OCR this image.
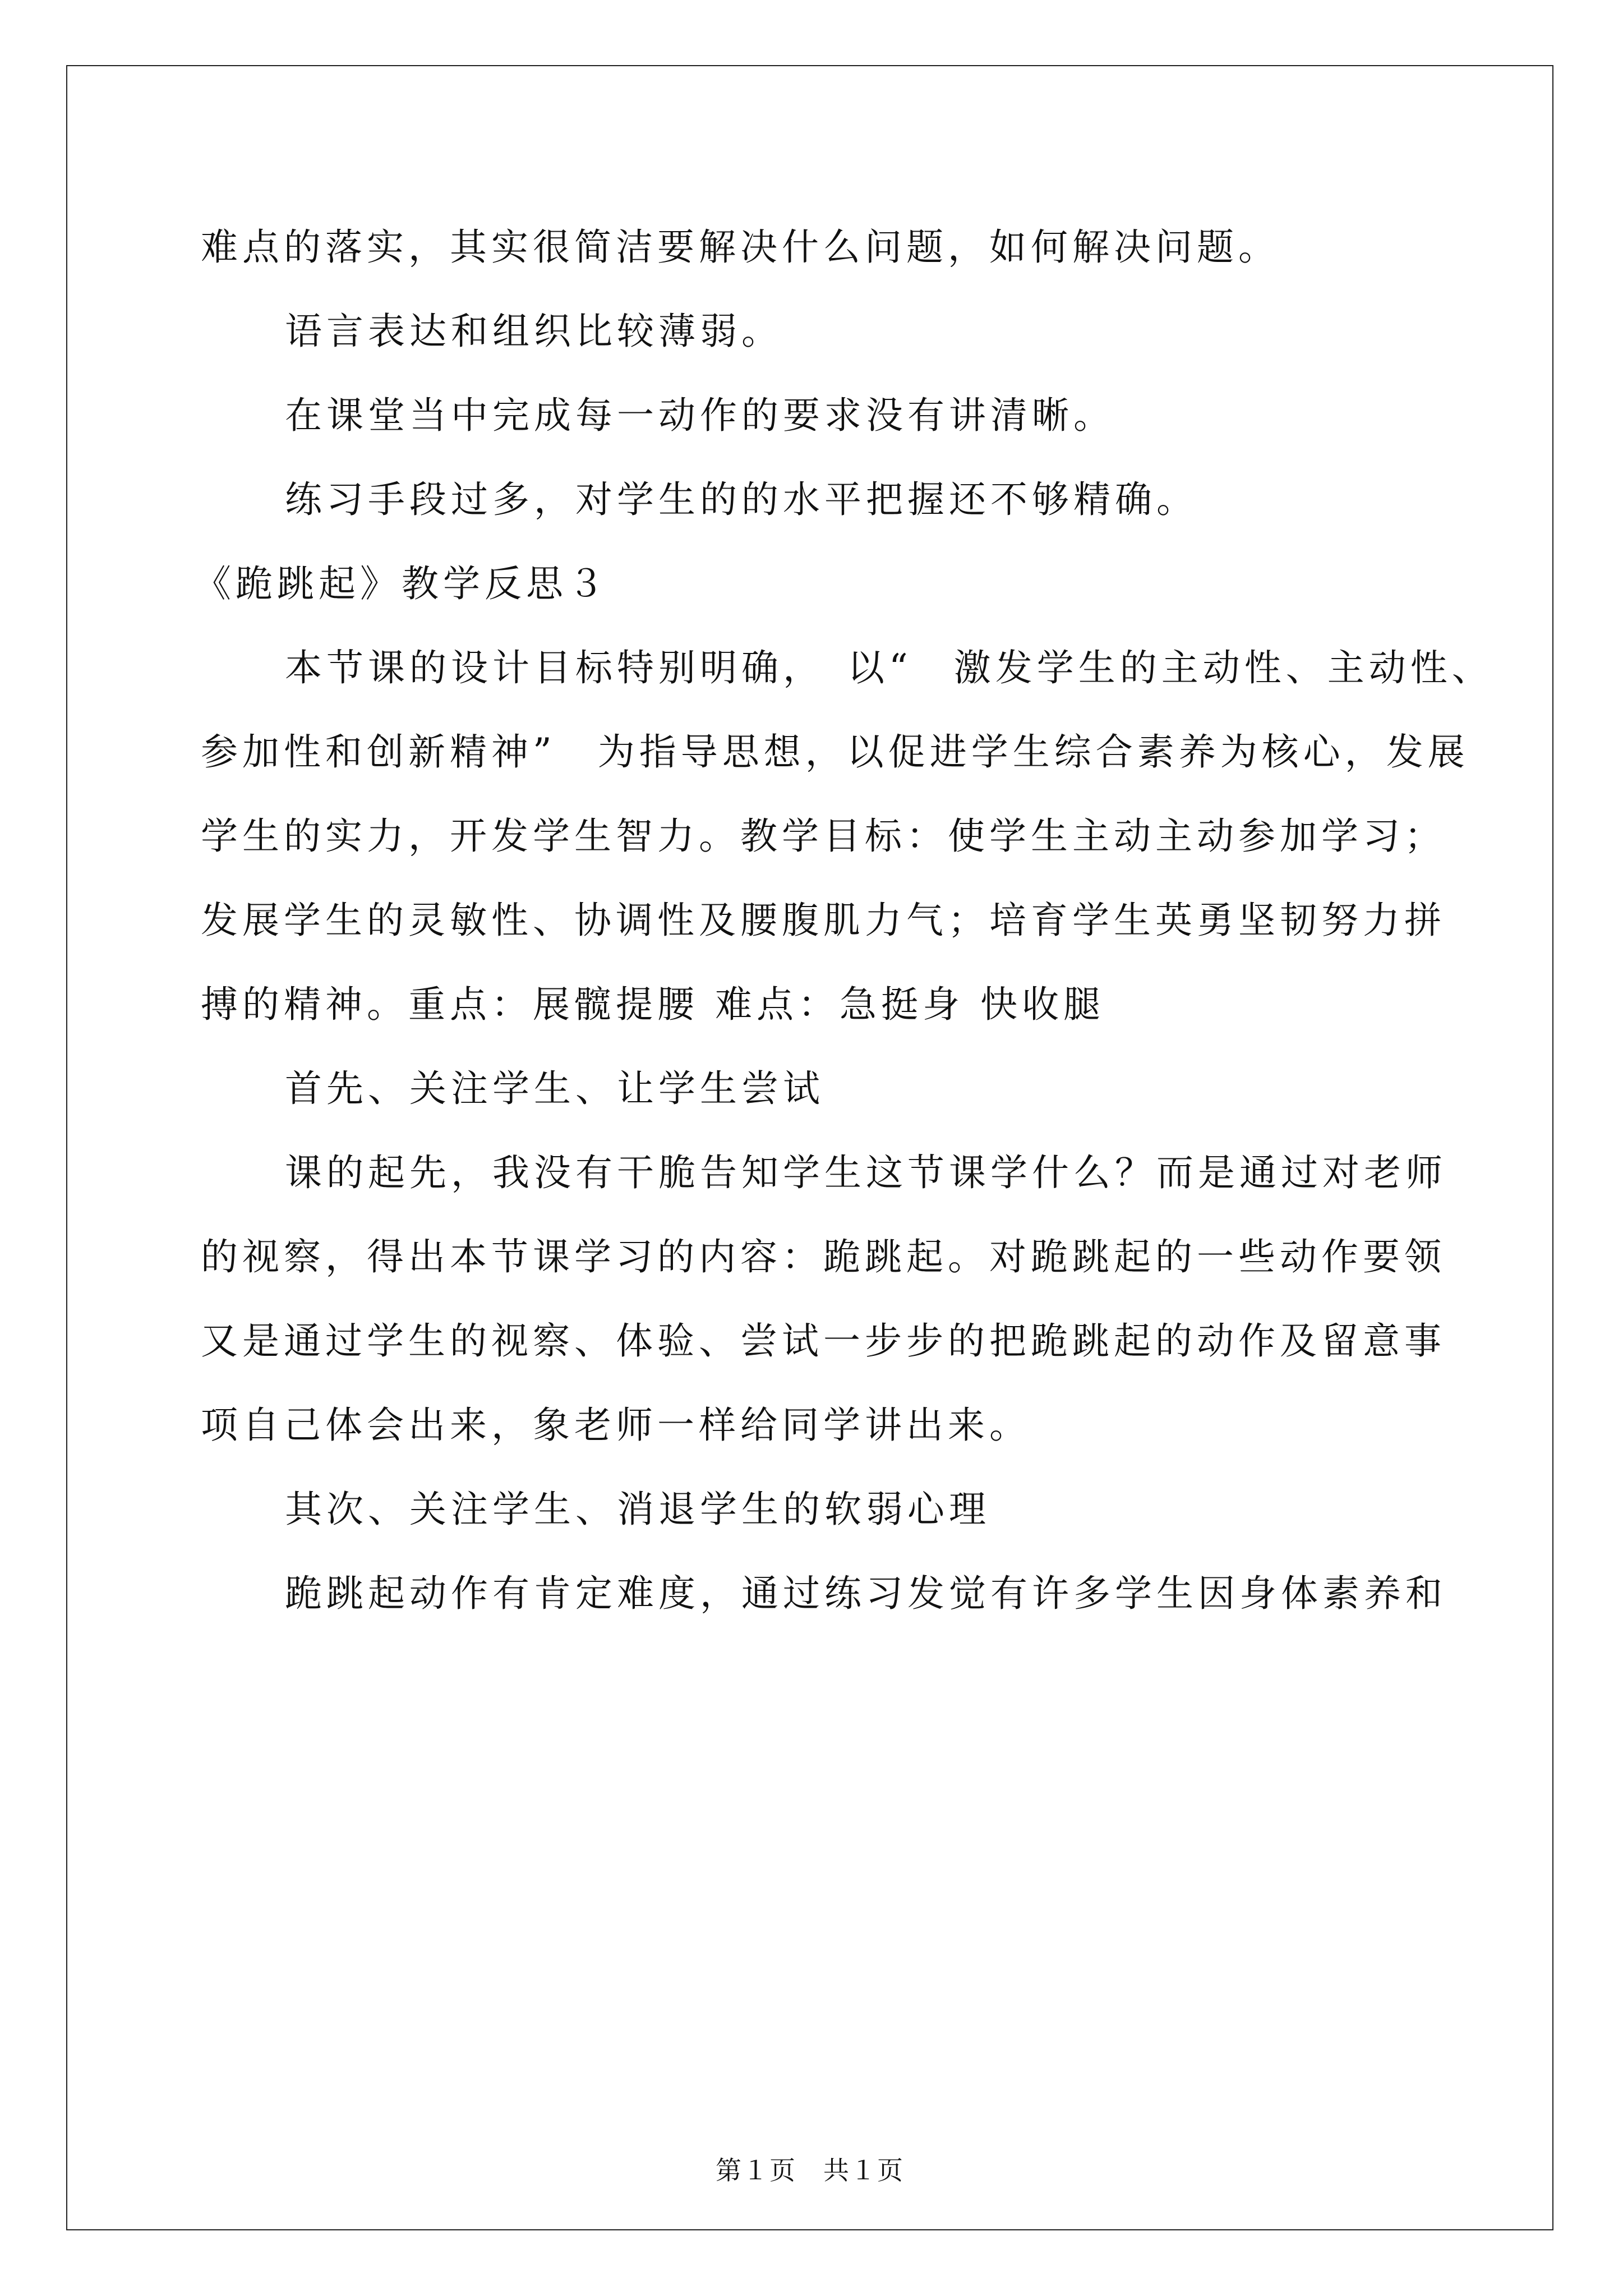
难点的落实，其实很简洁要解决什么问题，如何解决问题。
语言表达和组织比较薄弱。
在课堂当中完成每一动作的要求没有讲清晰。
练习手段过多，对学生的的水平把握还不够精确。
《跪跳起》教学反思３
本节课的设计目标特别明确，　以“　激发学生的主动性、主动性、
参加性和创新精神”　为指导思想，以促进学生综合素养为核心，发展
学生的实力，开发学生智力。教学目标：使学生主动主动参加学习；
发展学生的灵敏性、协调性及腰腹肌力气；培育学生英勇坚韧努力拼
搏的精神。重点：展髋提腰 难点：急挺身 快收腿
首先、关注学生、让学生尝试
课的起先，我没有干脆告知学生这节课学什么？而是通过对老师
的视察，得出本节课学习的内容：跪跳起。对跪跳起的一些动作要领
又是通过学生的视察、体验、尝试一步步的把跪跳起的动作及留意事
项自己体会出来，象老师一样给同学讲出来。
其次、关注学生、消退学生的软弱心理
跪跳起动作有肯定难度，通过练习发觉有许多学生因身体素养和
第１页　共１页
